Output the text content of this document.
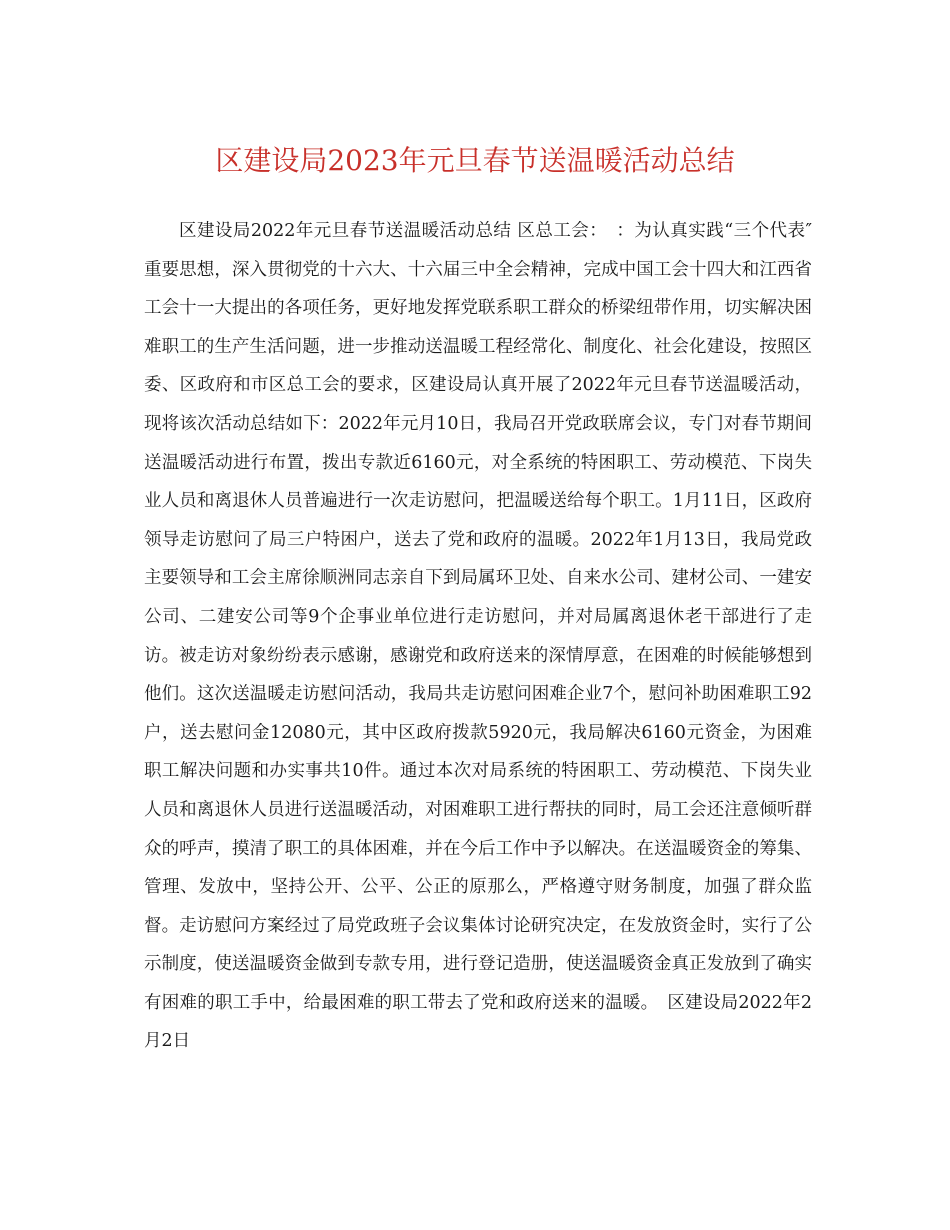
区建设局2023年元旦春节送温暖活动总结

区建设局2022年元旦春节送温暖活动总结 区总工会：　：为认真实践“三个代表″重要思想，深入贯彻党的十六大、十六届三中全会精神，完成中国工会十四大和江西省工会十一大提出的各项任务，更好地发挥党联系职工群众的桥梁纽带作用，切实解决困难职工的生产生活问题，进一步推动送温暖工程经常化、制度化、社会化建设，按照区委、区政府和市区总工会的要求，区建设局认真开展了2022年元旦春节送温暖活动，现将该次活动总结如下：2022年元月10日，我局召开党政联席会议，专门对春节期间送温暖活动进行布置，拨出专款近6160元，对全系统的特困职工、劳动模范、下岗失业人员和离退休人员普遍进行一次走访慰问，把温暖送给每个职工。1月11日，区政府领导走访慰问了局三户特困户，送去了党和政府的温暖。2022年1月13日，我局党政主要领导和工会主席徐顺洲同志亲自下到局属环卫处、自来水公司、建材公司、一建安公司、二建安公司等9个企事业单位进行走访慰问，并对局属离退休老干部进行了走访。被走访对象纷纷表示感谢，感谢党和政府送来的深情厚意，在困难的时候能够想到他们。这次送温暖走访慰问活动，我局共走访慰问困难企业7个，慰问补助困难职工92户，送去慰问金12080元，其中区政府拨款5920元，我局解决6160元资金，为困难职工解决问题和办实事共10件。通过本次对局系统的特困职工、劳动模范、下岗失业人员和离退休人员进行送温暖活动，对困难职工进行帮扶的同时，局工会还注意倾听群众的呼声，摸清了职工的具体困难，并在今后工作中予以解决。在送温暖资金的筹集、管理、发放中，坚持公开、公平、公正的原那么，严格遵守财务制度，加强了群众监督。走访慰问方案经过了局党政班子会议集体讨论研究决定，在发放资金时，实行了公示制度，使送温暖资金做到专款专用，进行登记造册，使送温暖资金真正发放到了确实有困难的职工手中，给最困难的职工带去了党和政府送来的温暖。　区建设局2022年2月2日
